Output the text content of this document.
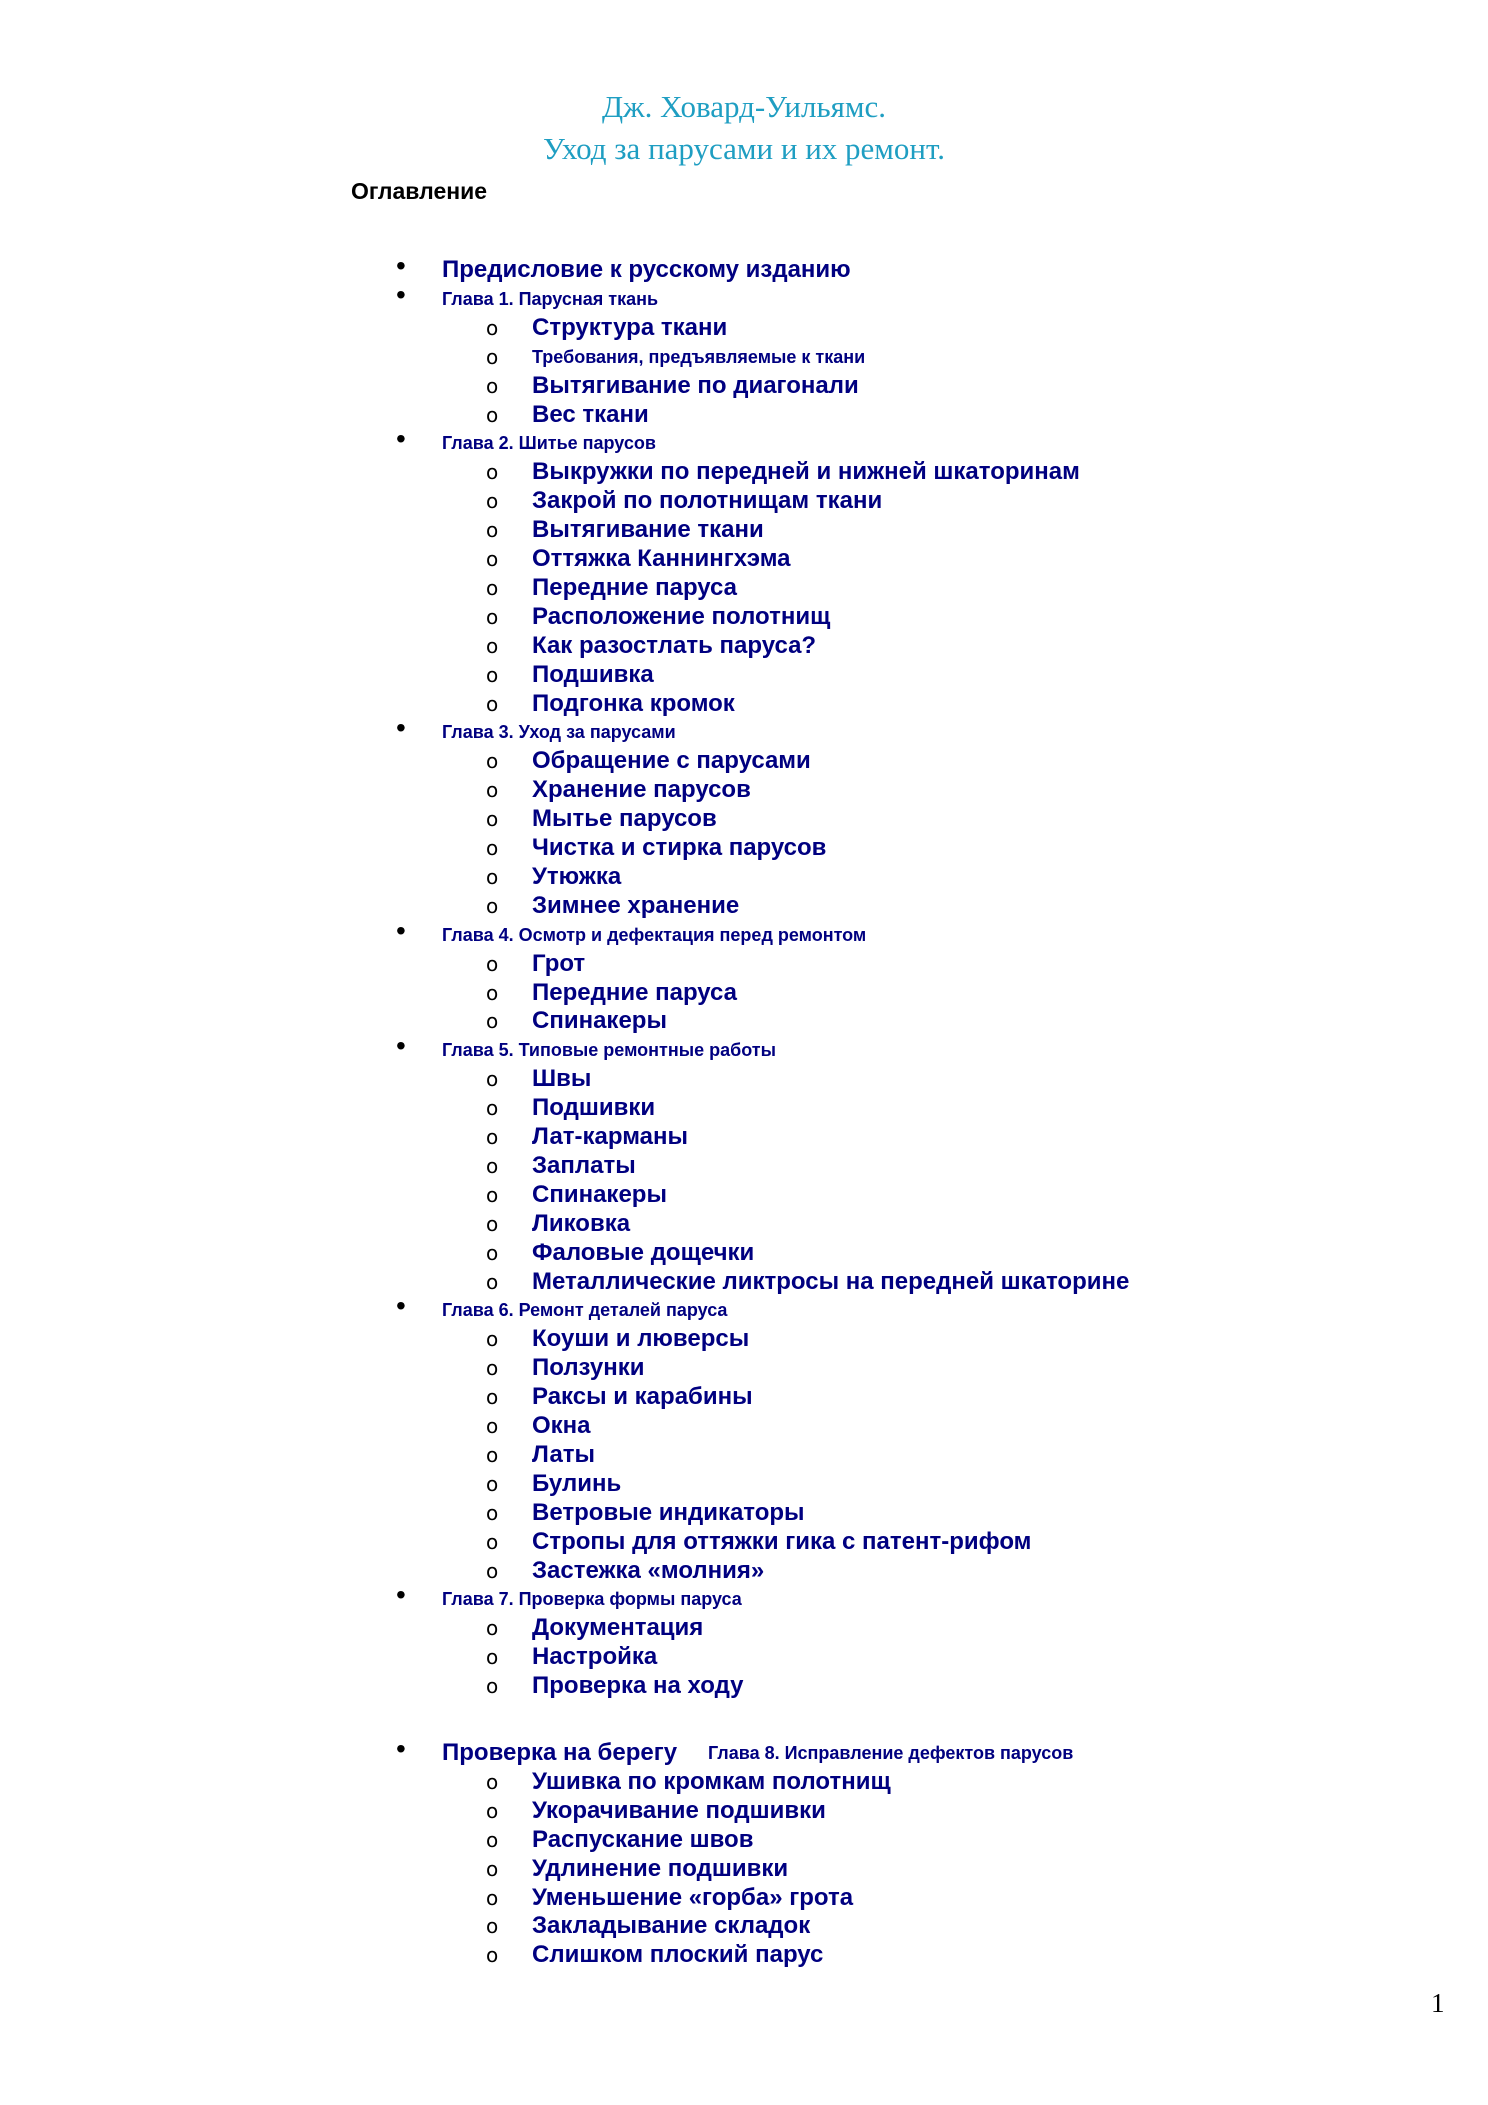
Дж. Ховард-Уильямс.
Уход за парусами и их ремонт.
Оглавление
• Предисловие к русскому изданию
• Глава 1. Парусная ткань
o Структура ткани
o Требования, предъявляемые к ткани
o Вытягивание по диагонали
o Вес ткани
• Глава 2. Шитье парусов
o Выкружки по передней и нижней шкаторинам
o Закрой по полотнищам ткани
o Вытягивание ткани
o Оттяжка Каннингхэма
o Передние паруса
o Расположение полотнищ
o Как разостлать паруса?
o Подшивка
o Подгонка кромок
• Глава 3. Уход за парусами
o Обращение с парусами
o Хранение парусов
o Мытье парусов
o Чистка и стирка парусов
o Утюжка
o Зимнее хранение
• Глава 4. Осмотр и дефектация перед ремонтом
o Грот
o Передние паруса
o Спинакеры
• Глава 5. Типовые ремонтные работы
o Швы
o Подшивки
o Лат-карманы
o Заплаты
o Спинакеры
o Ликовка
o Фаловые дощечки
o Металлические ликтросы на передней шкаторине
• Глава 6. Ремонт деталей паруса
o Коуши и люверсы
o Ползунки
o Раксы и карабины
o Окна
o Латы
o Булинь
o Ветровые индикаторы
o Стропы для оттяжки гика с патент-рифом
o Застежка «молния»
• Глава 7. Проверка формы паруса
o Документация
o Настройка
o Проверка на ходу
• Проверка на берегу Глава 8. Исправление дефектов парусов
o Ушивка по кромкам полотнищ
o Укорачивание подшивки
o Распускание швов
o Удлинение подшивки
o Уменьшение «горба» грота
o Закладывание складок
o Слишком плоский парус
1
